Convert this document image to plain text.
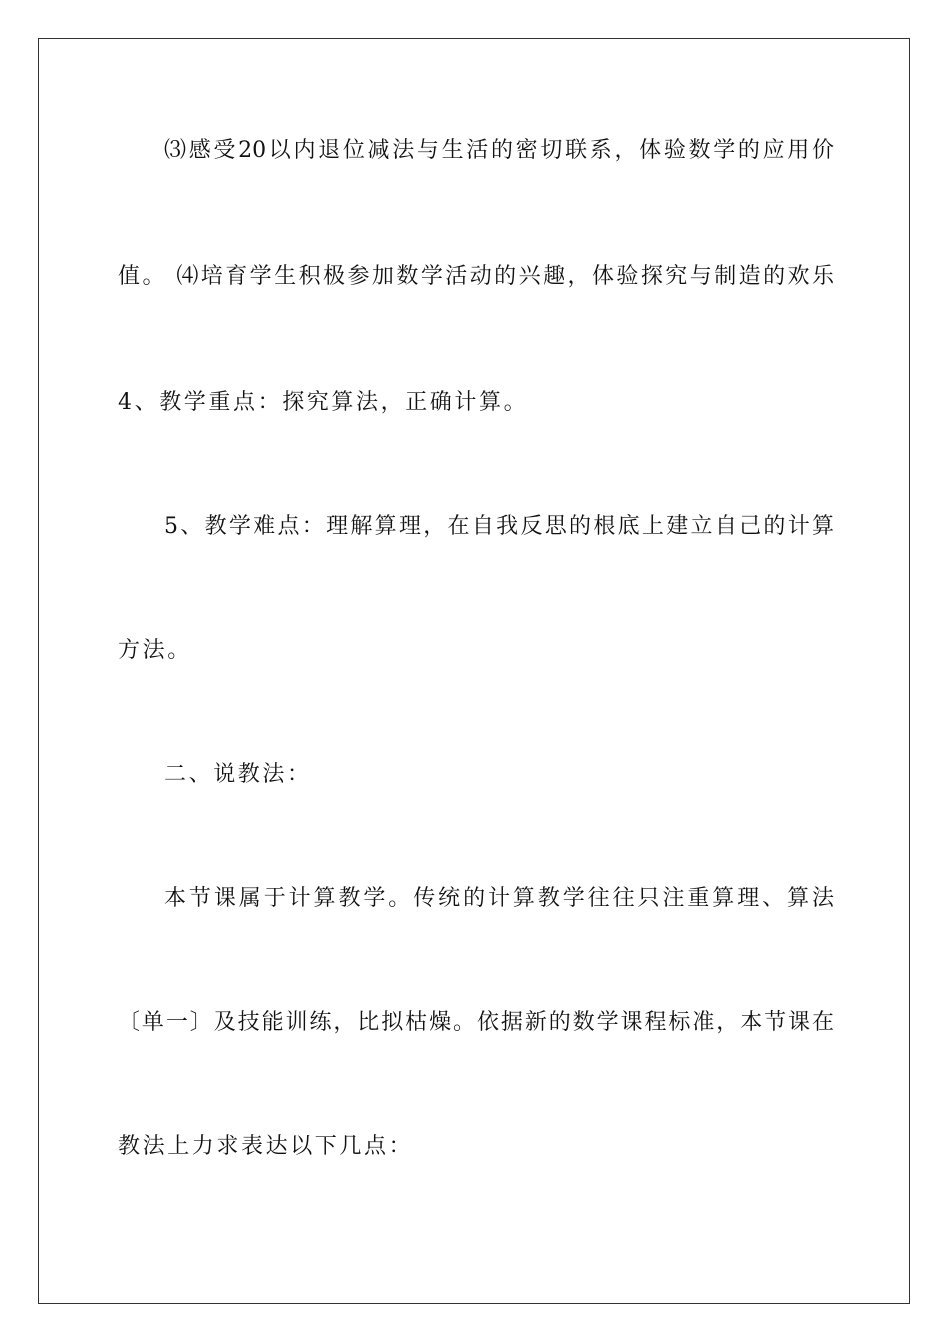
⑶感受20以内退位减法与生活的密切联系，体验数学的应用价
值。 ⑷培育学生积极参加数学活动的兴趣，体验探究与制造的欢乐
4、教学重点：探究算法，正确计算。
5、教学难点：理解算理，在自我反思的根底上建立自己的计算
方法。
二、说教法：
本节课属于计算教学。传统的计算教学往往只注重算理、算法
〔单一〕及技能训练，比拟枯燥。依据新的数学课程标准，本节课在
教法上力求表达以下几点：
